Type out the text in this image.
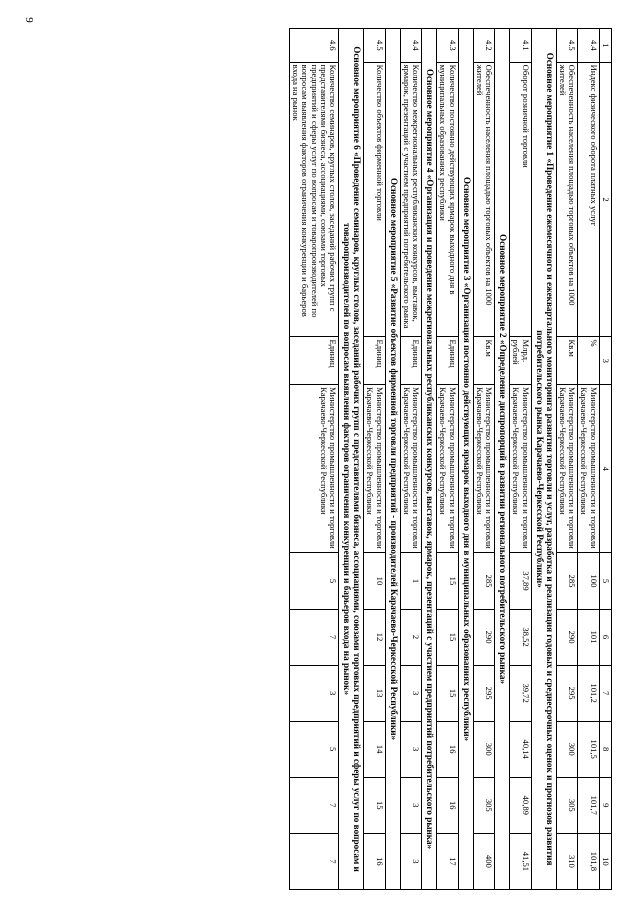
9
1	2	3	4	5	6	7	8	9	10
4.4	Индекс физического оборота платных услуг	%	Министерство промышленности и торговли Карачаево-Черкесской Республики	100	101	101,2	101,5	101,7	101,8
4.5	Обеспеченность населения площадью торговых объектов на 1000 жителей	Кв.м	Министерство промышленности и торговли Карачаево-Черкесской Республики	285	290	295	300	305	310
Основное мероприятие 1 «Проведение ежемесячного и ежеквартального мониторинга развития торговли и услуг, разработка и реализация годовых и среднесрочных оценок и прогнозов развития потребительского рынка Карачаево-Черкесской Республики»									
4.1	Оборот розничной торговли	Млрд. рублей	Министерство промышленности и торговли Карачаево-Черкесской Республики	37,89	38,52	39,72	40,14	40,89	41,51
Основное мероприятие 2 «Определение диспропорций в развитии регионального потребительского рынка»									
4.2	Обеспеченность населения площадью торговых объектов на 1000 жителей	Кв.м	Министерство промышленности и торговли Карачаево-Черкесской Республики	285	290	295	300	305	400
Основное мероприятие 3 «Организация постоянно действующих ярмарок выходного дня в муниципальных образованиях республики»									
4.3	Количество постоянно действующих ярмарок выходного дня в муниципальных образованиях республики	Единиц	Министерство промышленности и торговли Карачаево-Черкесской Республики	15	15	15	16	16	17
Основное мероприятие 4 «Организация и проведение межрегиональных республиканских конкурсов, выставок, ярмарок, презентаций с участием предприятий потребительского рынка»									
4.4	Количество межрегиональных республиканских конкурсов, выставок, ярмарок, презентаций с участием предприятий потребительского рынка	Единиц	Министерство промышленности и торговли Карачаево-Черкесской Республики	1	2	3	3	3	3
Основное мероприятие 5 «Развитие объектов фирменной торговли предприятий - производителей Карачаево-Черкесской Республики»									
4.5	Количество объектов фирменной торговли	Единиц	Министерство промышленности и торговли Карачаево-Черкесской Республики	10	12	13	14	15	16
Основное мероприятие 6 «Проведение семинаров, круглых столов, заседаний рабочих групп с представителями бизнеса, ассоциациями, союзами торговых предприятий и сферы услуг по вопросам и товаропроизводителей по вопросам выявления факторов ограничения конкуренции и барьеров входа на рынок»									
4.6	Количество семинаров, круглых столов, заседаний рабочих групп с представителями бизнеса, ассоциациями, союзами торговых предприятий и сферы услуг по вопросам и товаропроизводителей по вопросам выявления факторов ограничения конкуренции и барьеров входа на рынок	Единиц	Министерство промышленности и торговли Карачаево-Черкесской Республики	5	7	3	5	7	7
